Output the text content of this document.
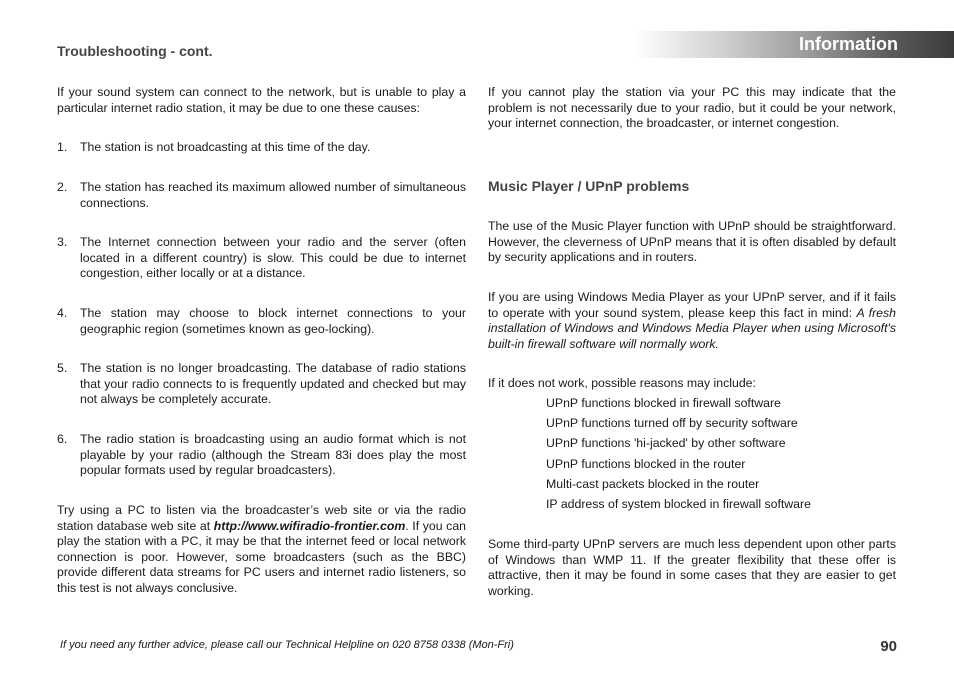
Information
Troubleshooting - cont.

If your sound system can connect to the network, but is unable to play a particular internet radio station, it may be due to one these causes:

1. The station is not broadcasting at this time of the day.
2. The station has reached its maximum allowed number of simultaneous connections.
3. The Internet connection between your radio and the server (often located in a different country) is slow. This could be due to internet congestion, either locally or at a distance.
4. The station may choose to block internet connections to your geographic region (sometimes known as geo-locking).
5. The station is no longer broadcasting. The database of radio stations that your radio connects to is frequently updated and checked but may not always be completely accurate.
6. The radio station is broadcasting using an audio format which is not playable by your radio (although the Stream 83i does play the most popular formats used by regular broadcasters).

Try using a PC to listen via the broadcaster’s web site or via the radio station database web site at http://www.wifiradio-frontier.com. If you can play the station with a PC, it may be that the internet feed or local network connection is poor. However, some broadcasters (such as the BBC) provide different data streams for PC users and internet radio listeners, so this test is not always conclusive.

If you cannot play the station via your PC this may indicate that the problem is not necessarily due to your radio, but it could be your network, your internet connection, the broadcaster, or internet congestion.

Music Player / UPnP problems

The use of the Music Player function with UPnP should be straightforward. However, the cleverness of UPnP means that it is often disabled by default by security applications and in routers.

If you are using Windows Media Player as your UPnP server, and if it fails to operate with your sound system, please keep this fact in mind: A fresh installation of Windows and Windows Media Player when using Microsoft's built-in firewall software will normally work.

If it does not work, possible reasons may include:

UPnP functions blocked in firewall software
UPnP functions turned off by security software
UPnP functions 'hi-jacked' by other software
UPnP functions blocked in the router
Multi-cast packets blocked in the router
IP address of system blocked in firewall software

Some third-party UPnP servers are much less dependent upon other parts of Windows than WMP 11. If the greater flexibility that these offer is attractive, then it may be found in some cases that they are easier to get working.

If you need any further advice, please call our Technical Helpline on 020 8758 0338 (Mon-Fri)	90
